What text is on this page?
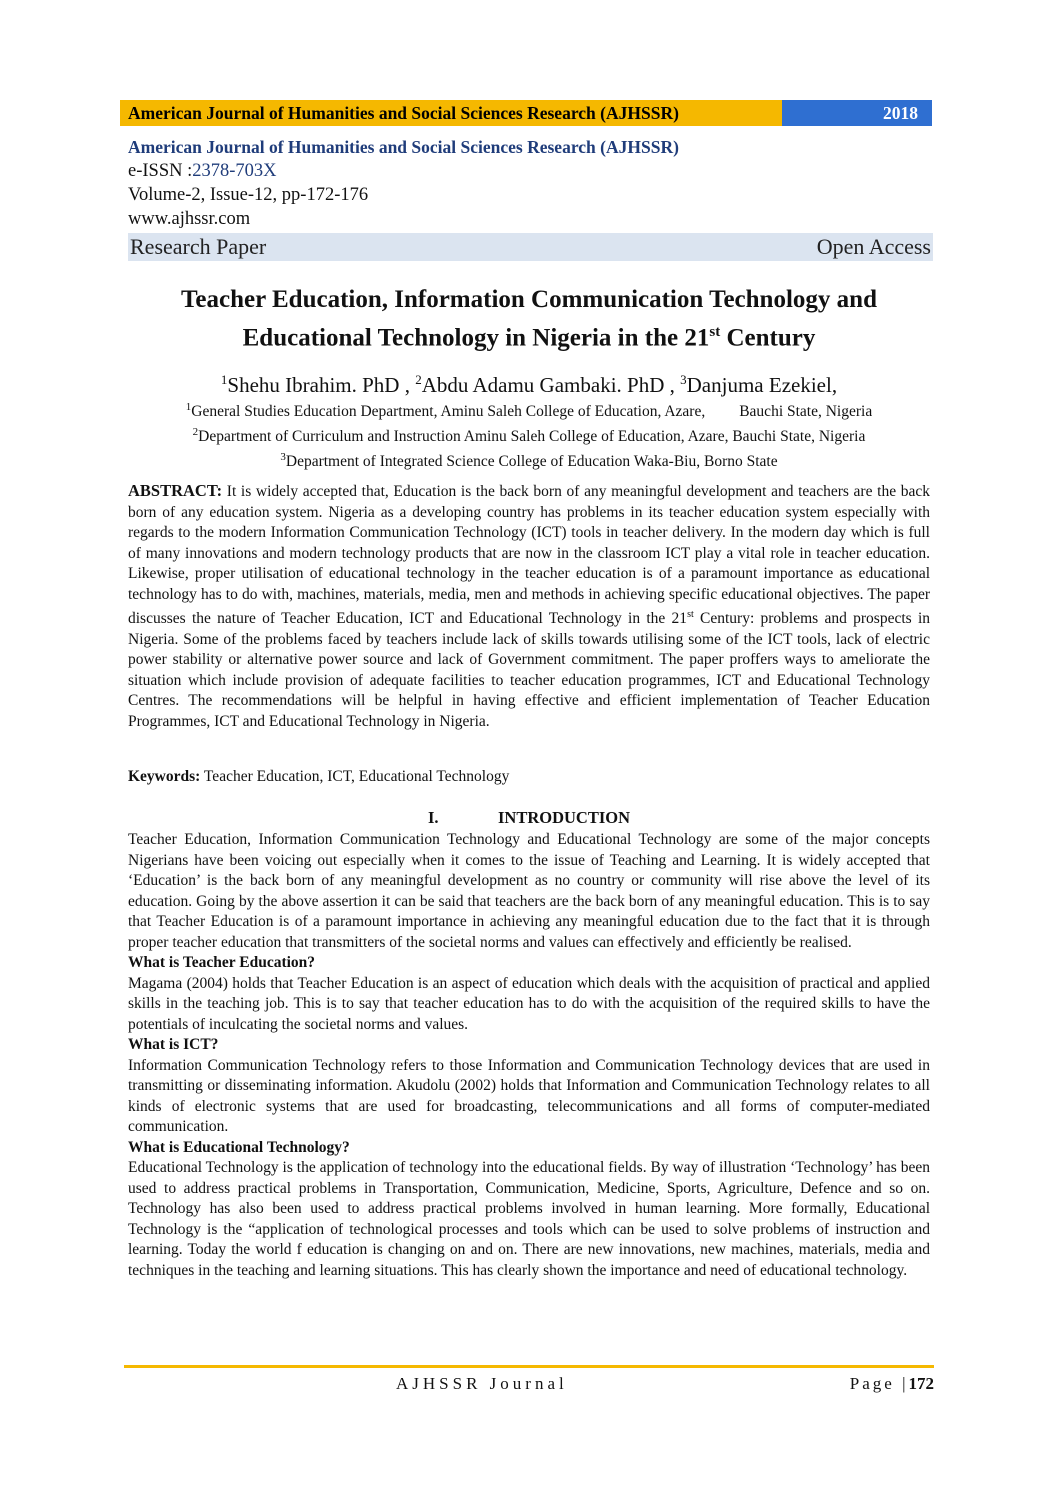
American Journal of Humanities and Social Sciences Research (AJHSSR)	2018
American Journal of Humanities and Social Sciences Research (AJHSSR)
e-ISSN :2378-703X
Volume-2, Issue-12, pp-172-176
www.ajhssr.com
Research Paper	Open Access
Teacher Education, Information Communication Technology and
Educational Technology in Nigeria in the 21st Century
$^1$Shehu Ibrahim. PhD , $^2$Abdu Adamu Gambaki. PhD , $^3$Danjuma Ezekiel,
$^1$General Studies Education Department, Aminu Saleh College of Education, Azare, Bauchi State, Nigeria
$^2$Department of Curriculum and Instruction Aminu Saleh College of Education, Azare, Bauchi State, Nigeria
$^3$Department of Integrated Science College of Education Waka-Biu, Borno State
ABSTRACT: It is widely accepted that, Education is the back born of any meaningful development and teachers are the back born of any education system. Nigeria as a developing country has problems in its teacher education system especially with regards to the modern Information Communication Technology (ICT) tools in teacher delivery. In the modern day which is full of many innovations and modern technology products that are now in the classroom ICT play a vital role in teacher education. Likewise, proper utilisation of educational technology in the teacher education is of a paramount importance as educational technology has to do with, machines, materials, media, men and methods in achieving specific educational objectives. The paper discusses the nature of Teacher Education, ICT and Educational Technology in the 21st Century: problems and prospects in Nigeria. Some of the problems faced by teachers include lack of skills towards utilising some of the ICT tools, lack of electric power stability or alternative power source and lack of Government commitment. The paper proffers ways to ameliorate the situation which include provision of adequate facilities to teacher education programmes, ICT and Educational Technology Centres. The recommendations will be helpful in having effective and efficient implementation of Teacher Education Programmes, ICT and Educational Technology in Nigeria.
Keywords: Teacher Education, ICT, Educational Technology
I.	INTRODUCTION

Teacher Education, Information Communication Technology and Educational Technology are some of the major concepts Nigerians have been voicing out especially when it comes to the issue of Teaching and Learning. It is widely accepted that ‘Education’ is the back born of any meaningful development as no country or community will rise above the level of its education. Going by the above assertion it can be said that teachers are the back born of any meaningful education. This is to say that Teacher Education is of a paramount importance in achieving any meaningful education due to the fact that it is through proper teacher education that transmitters of the societal norms and values can effectively and efficiently be realised.

What is Teacher Education?

Magama (2004) holds that Teacher Education is an aspect of education which deals with the acquisition of practical and applied skills in the teaching job. This is to say that teacher education has to do with the acquisition of the required skills to have the potentials of inculcating the societal norms and values.

What is ICT?

Information Communication Technology refers to those Information and Communication Technology devices that are used in transmitting or disseminating information. Akudolu (2002) holds that Information and Communication Technology relates to all kinds of electronic systems that are used for broadcasting, telecommunications and all forms of computer-mediated communication.

What is Educational Technology?

Educational Technology is the application of technology into the educational fields. By way of illustration ‘Technology’ has been used to address practical problems in Transportation, Communication, Medicine, Sports, Agriculture, Defence and so on. Technology has also been used to address practical problems involved in human learning. More formally, Educational Technology is the “application of technological processes and tools which can be used to solve problems of instruction and learning. Today the world f education is changing on and on. There are new innovations, new machines, materials, media and techniques in the teaching and learning situations. This has clearly shown the importance and need of educational technology.

AJHSSR Journal	Page |172
